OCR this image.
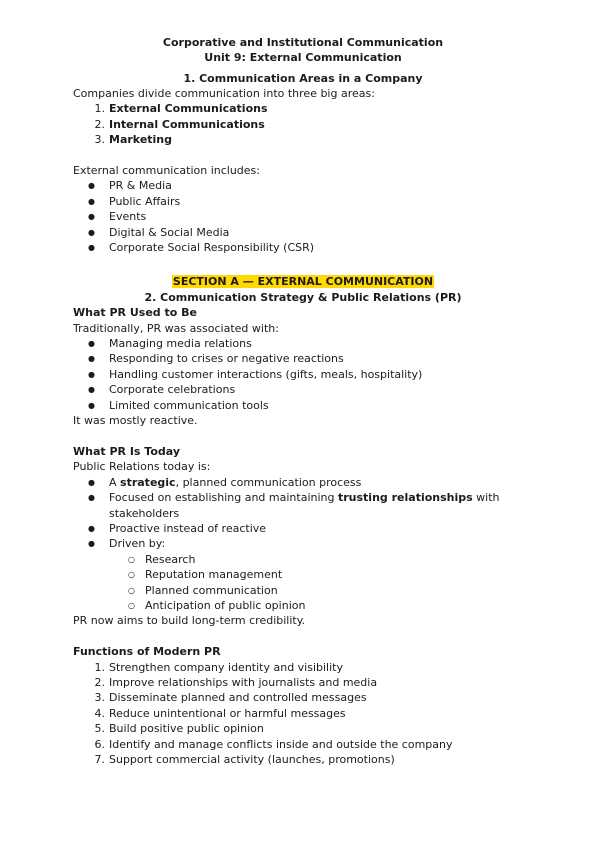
Corporative and Institutional Communication
Unit 9: External Communication
1. Communication Areas in a Company
Companies divide communication into three big areas:
1. External Communications
2. Internal Communications
3. Marketing
External communication includes:
● PR & Media
● Public Affairs
● Events
● Digital & Social Media
● Corporate Social Responsibility (CSR)
SECTION A — EXTERNAL COMMUNICATION
2. Communication Strategy & Public Relations (PR)
What PR Used to Be
Traditionally, PR was associated with:
● Managing media relations
● Responding to crises or negative reactions
● Handling customer interactions (gifts, meals, hospitality)
● Corporate celebrations
● Limited communication tools
It was mostly reactive.
What PR Is Today
Public Relations today is:
● A strategic, planned communication process
● Focused on establishing and maintaining trusting relationships with stakeholders
● Proactive instead of reactive
● Driven by:
○ Research
○ Reputation management
○ Planned communication
○ Anticipation of public opinion
PR now aims to build long-term credibility.
Functions of Modern PR
1. Strengthen company identity and visibility
2. Improve relationships with journalists and media
3. Disseminate planned and controlled messages
4. Reduce unintentional or harmful messages
5. Build positive public opinion
6. Identify and manage conflicts inside and outside the company
7. Support commercial activity (launches, promotions)
